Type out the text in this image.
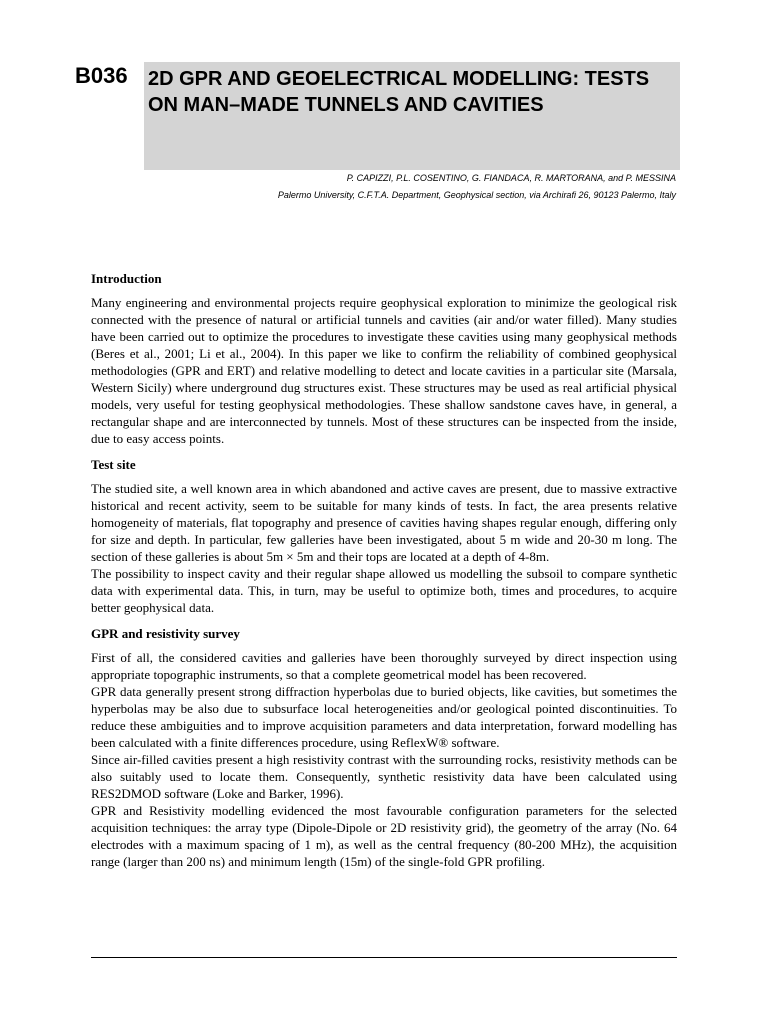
B036 2D GPR AND GEOELECTRICAL MODELLING: TESTS ON MAN–MADE TUNNELS AND CAVITIES
P. CAPIZZI, P.L. COSENTINO, G. FIANDACA, R. MARTORANA, and P. MESSINA
Palermo University, C.F.T.A. Department, Geophysical section, via Archirafi 26, 90123 Palermo, Italy
Introduction

Many engineering and environmental projects require geophysical exploration to minimize the geological risk connected with the presence of natural or artificial tunnels and cavities (air and/or water filled). Many studies have been carried out to optimize the procedures to investigate these cavities using many geophysical methods (Beres et al., 2001; Li et al., 2004). In this paper we like to confirm the reliability of combined geophysical methodologies (GPR and ERT) and relative modelling to detect and locate cavities in a particular site (Marsala, Western Sicily) where underground dug structures exist. These structures may be used as real artificial physical models, very useful for testing geophysical methodologies. These shallow sandstone caves have, in general, a rectangular shape and are interconnected by tunnels. Most of these structures can be inspected from the inside, due to easy access points.

Test site

The studied site, a well known area in which abandoned and active caves are present, due to massive extractive historical and recent activity, seem to be suitable for many kinds of tests. In fact, the area presents relative homogeneity of materials, flat topography and presence of cavities having shapes regular enough, differing only for size and depth. In particular, few galleries have been investigated, about 5 m wide and 20-30 m long. The section of these galleries is about 5m × 5m and their tops are located at a depth of 4-8m.

The possibility to inspect cavity and their regular shape allowed us modelling the subsoil to compare synthetic data with experimental data. This, in turn, may be useful to optimize both, times and procedures, to acquire better geophysical data.

GPR and resistivity survey

First of all, the considered cavities and galleries have been thoroughly surveyed by direct inspection using appropriate topographic instruments, so that a complete geometrical model has been recovered.

GPR data generally present strong diffraction hyperbolas due to buried objects, like cavities, but sometimes the hyperbolas may be also due to subsurface local heterogeneities and/or geological pointed discontinuities. To reduce these ambiguities and to improve acquisition parameters and data interpretation, forward modelling has been calculated with a finite differences procedure, using ReflexW® software.

Since air-filled cavities present a high resistivity contrast with the surrounding rocks, resistivity methods can be also suitably used to locate them. Consequently, synthetic resistivity data have been calculated using RES2DMOD software (Loke and Barker, 1996).

GPR and Resistivity modelling evidenced the most favourable configuration parameters for the selected acquisition techniques: the array type (Dipole-Dipole or 2D resistivity grid), the geometry of the array (No. 64 electrodes with a maximum spacing of 1 m), as well as the central frequency (80-200 MHz), the acquisition range (larger than 200 ns) and minimum length (15m) of the single-fold GPR profiling.
